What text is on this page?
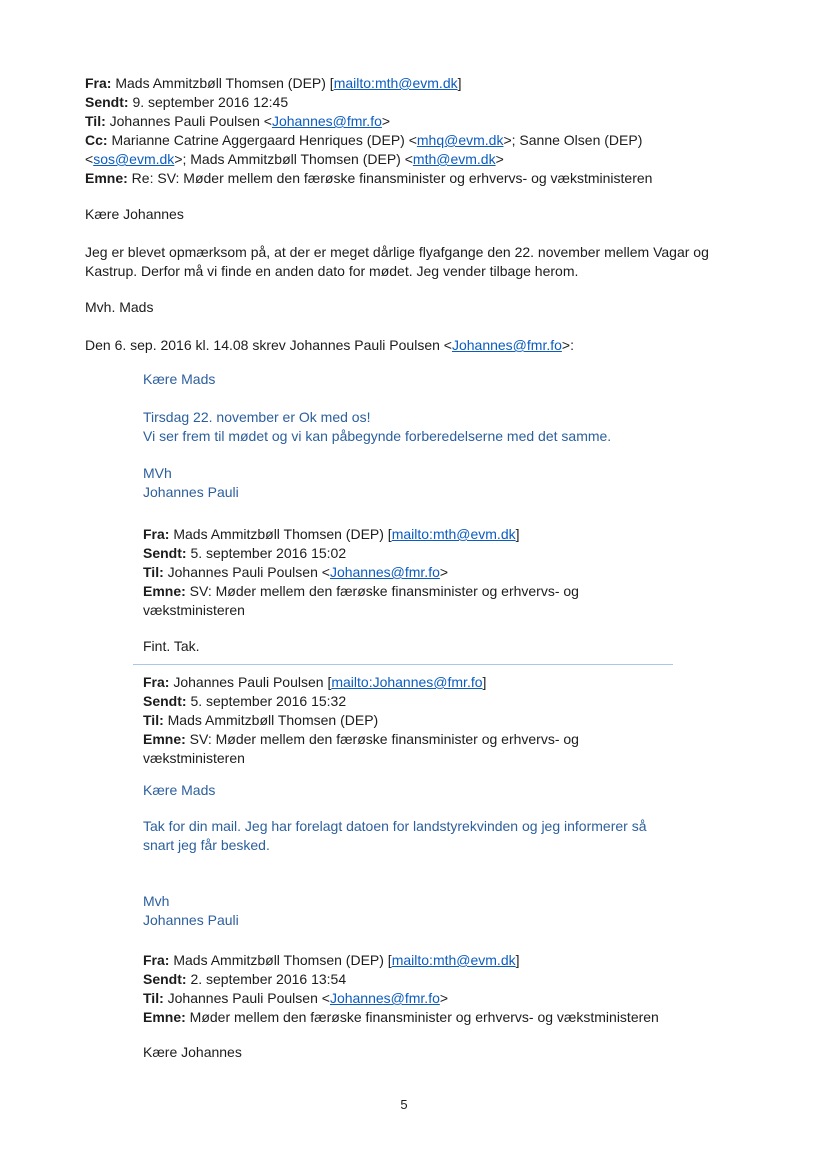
Fra: Mads Ammitzbøll Thomsen (DEP) [mailto:mth@evm.dk]
Sendt: 9. september 2016 12:45
Til: Johannes Pauli Poulsen <Johannes@fmr.fo>
Cc: Marianne Catrine Aggergaard Henriques (DEP) <mhq@evm.dk>; Sanne Olsen (DEP)
<sos@evm.dk>; Mads Ammitzbøll Thomsen (DEP) <mth@evm.dk>
Emne: Re: SV: Møder mellem den færøske finansminister og erhvervs- og vækstministeren
Kære Johannes
Jeg er blevet opmærksom på, at der er meget dårlige flyafgange den 22. november mellem Vagar og
Kastrup. Derfor må vi finde en anden dato for mødet. Jeg vender tilbage herom.
Mvh. Mads
Den 6. sep. 2016 kl. 14.08 skrev Johannes Pauli Poulsen <Johannes@fmr.fo>:
Kære Mads
Tirsdag 22. november er Ok med os!
Vi ser frem til mødet og vi kan påbegynde forberedelserne med det samme.
MVh
Johannes Pauli
Fra: Mads Ammitzbøll Thomsen (DEP) [mailto:mth@evm.dk]
Sendt: 5. september 2016 15:02
Til: Johannes Pauli Poulsen <Johannes@fmr.fo>
Emne: SV: Møder mellem den færøske finansminister og erhvervs- og
vækstministeren
Fint. Tak.
Fra: Johannes Pauli Poulsen [mailto:Johannes@fmr.fo]
Sendt: 5. september 2016 15:32
Til: Mads Ammitzbøll Thomsen (DEP)
Emne: SV: Møder mellem den færøske finansminister og erhvervs- og
vækstministeren
Kære Mads
Tak for din mail. Jeg har forelagt datoen for landstyrekvinden og jeg informerer så
snart jeg får besked.
Mvh
Johannes Pauli
Fra: Mads Ammitzbøll Thomsen (DEP) [mailto:mth@evm.dk]
Sendt: 2. september 2016 13:54
Til: Johannes Pauli Poulsen <Johannes@fmr.fo>
Emne: Møder mellem den færøske finansminister og erhvervs- og vækstministeren
Kære Johannes
5
